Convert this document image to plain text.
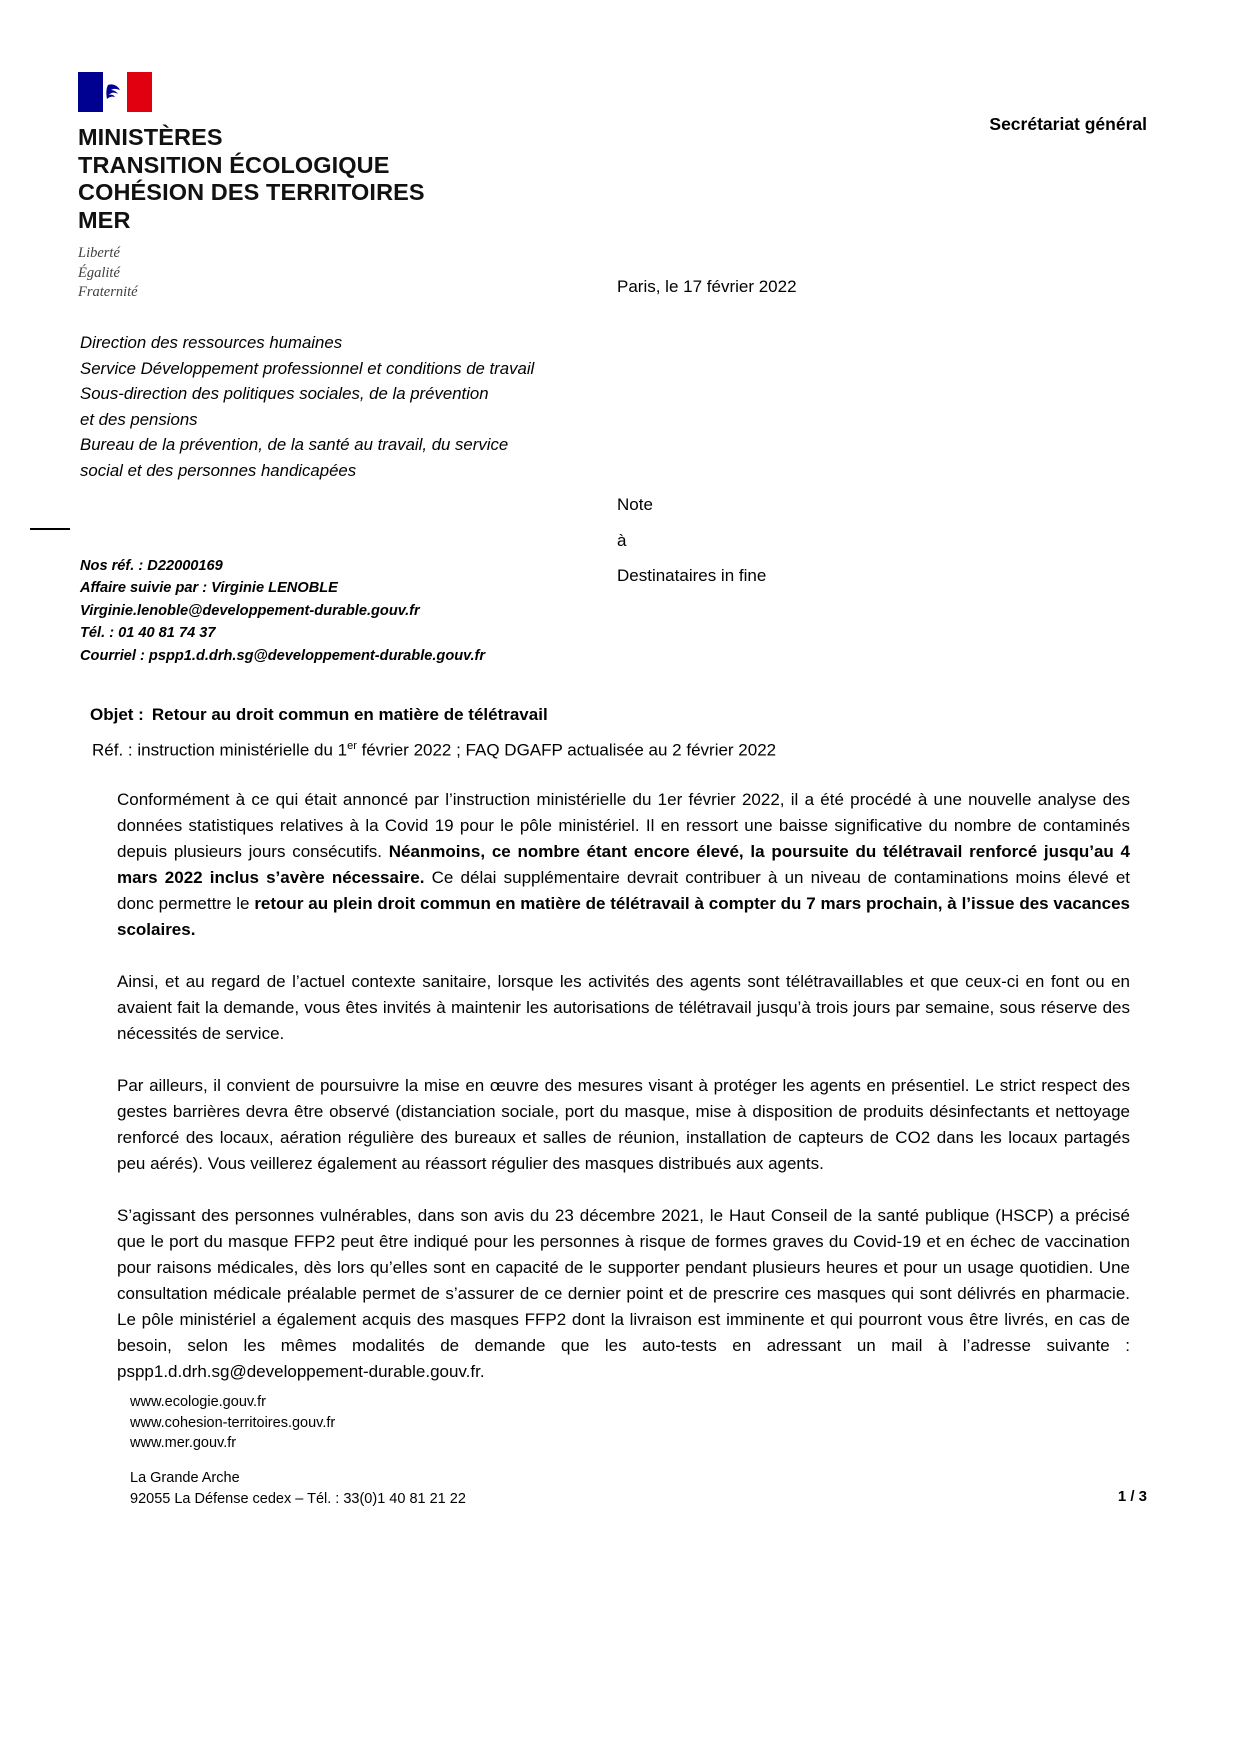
MINISTÈRES
TRANSITION ÉCOLOGIQUE
COHÉSION DES TERRITOIRES
MER
Liberté
Égalité
Fraternité
Secrétariat général
Paris, le 17 février 2022
Direction des ressources humaines
Service Développement professionnel et conditions de travail
Sous-direction des politiques sociales, de la prévention
et des pensions
Bureau de la prévention, de la santé au travail, du service
social et des personnes handicapées
Note
à
Destinataires in fine
Nos réf. : D22000169
Affaire suivie par : Virginie LENOBLE
Virginie.lenoble@developpement-durable.gouv.fr
Tél. : 01 40 81 74 37
Courriel : pspp1.d.drh.sg@developpement-durable.gouv.fr
Objet : Retour au droit commun en matière de télétravail
Réf. : instruction ministérielle du 1er février 2022 ; FAQ DGAFP actualisée au 2 février 2022

Conformément à ce qui était annoncé par l’instruction ministérielle du 1er février 2022, il a été procédé à une nouvelle analyse des données statistiques relatives à la Covid 19 pour le pôle ministériel. Il en ressort une baisse significative du nombre de contaminés depuis plusieurs jours consécutifs. Néanmoins, ce nombre étant encore élevé, la poursuite du télétravail renforcé jusqu’au 4 mars 2022 inclus s’avère nécessaire. Ce délai supplémentaire devrait contribuer à un niveau de contaminations moins élevé et donc permettre le retour au plein droit commun en matière de télétravail à compter du 7 mars prochain, à l’issue des vacances scolaires.

Ainsi, et au regard de l’actuel contexte sanitaire, lorsque les activités des agents sont télétravaillables et que ceux-ci en font ou en avaient fait la demande, vous êtes invités à maintenir les autorisations de télétravail jusqu’à trois jours par semaine, sous réserve des nécessités de service.

Par ailleurs, il convient de poursuivre la mise en œuvre des mesures visant à protéger les agents en présentiel. Le strict respect des gestes barrières devra être observé (distanciation sociale, port du masque, mise à disposition de produits désinfectants et nettoyage renforcé des locaux, aération régulière des bureaux et salles de réunion, installation de capteurs de CO2 dans les locaux partagés peu aérés). Vous veillerez également au réassort régulier des masques distribués aux agents.

S’agissant des personnes vulnérables, dans son avis du 23 décembre 2021, le Haut Conseil de la santé publique (HSCP) a précisé que le port du masque FFP2 peut être indiqué pour les personnes à risque de formes graves du Covid-19 et en échec de vaccination pour raisons médicales, dès lors qu’elles sont en capacité de le supporter pendant plusieurs heures et pour un usage quotidien. Une consultation médicale préalable permet de s’assurer de ce dernier point et de prescrire ces masques qui sont délivrés en pharmacie. Le pôle ministériel a également acquis des masques FFP2 dont la livraison est imminente et qui pourront vous être livrés, en cas de besoin, selon les mêmes modalités de demande que les auto-tests en adressant un mail à l’adresse suivante : pspp1.d.drh.sg@developpement-durable.gouv.fr.

www.ecologie.gouv.fr
www.cohesion-territoires.gouv.fr
www.mer.gouv.fr
La Grande Arche
92055 La Défense cedex – Tél. : 33(0)1 40 81 21 22	1 / 3
